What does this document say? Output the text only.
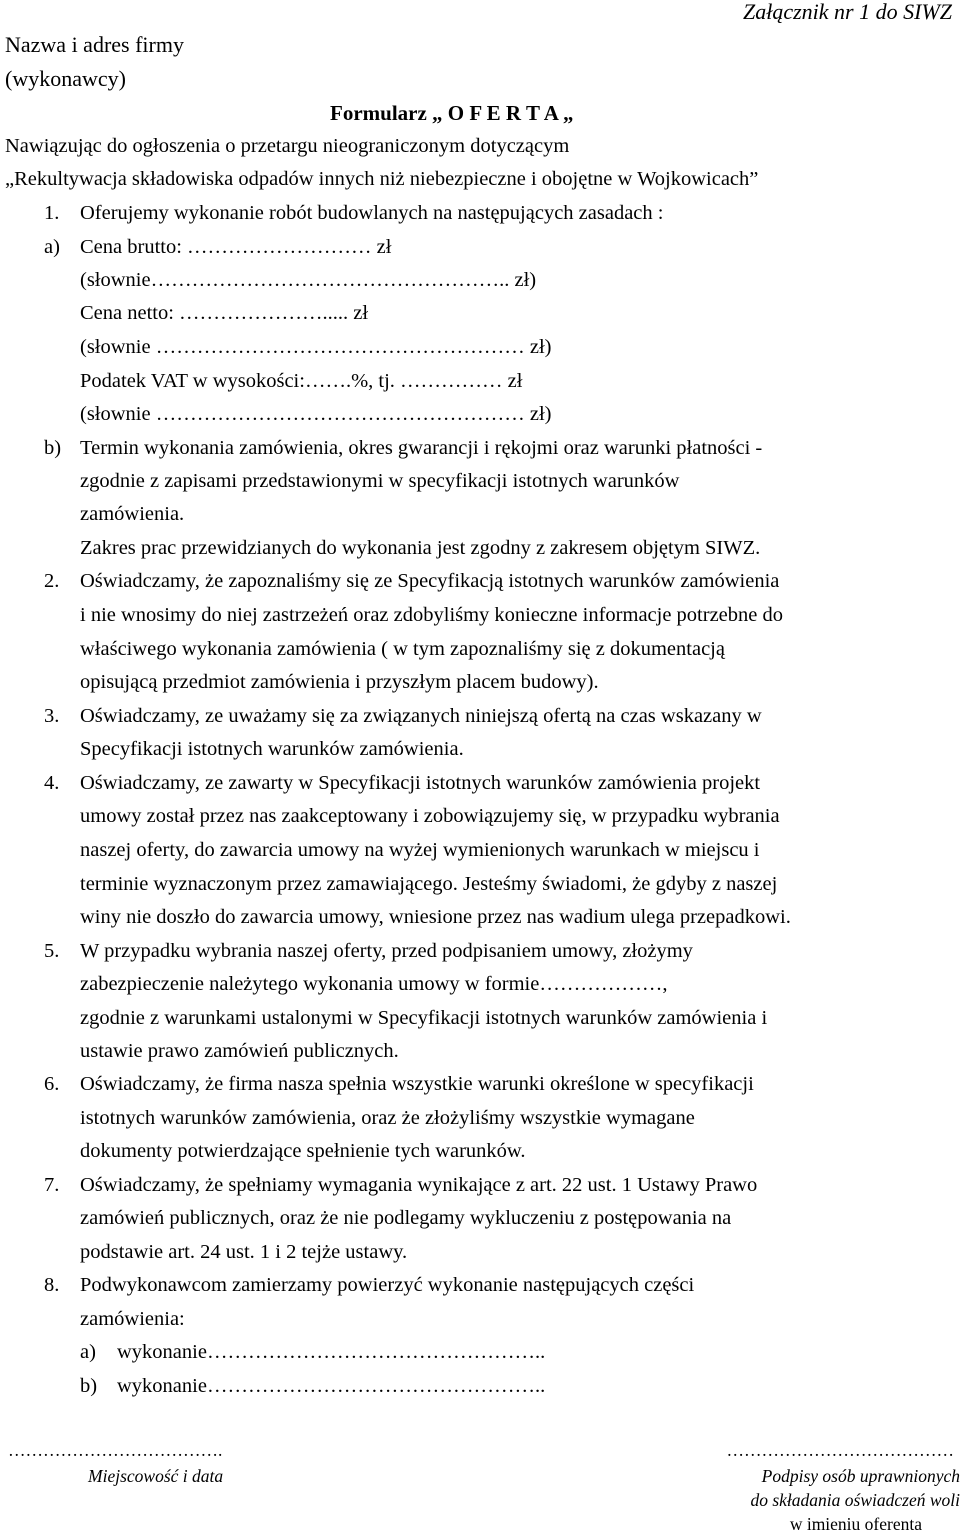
Załącznik nr 1 do SIWZ
Nazwa i adres firmy
(wykonawcy)
Formularz „ O F E R T A „
Nawiązując do ogłoszenia o przetargu nieograniczonym dotyczącym
„Rekultywacja składowiska odpadów innych niż niebezpieczne i obojętne w Wojkowicach”
1. Oferujemy wykonanie robót budowlanych na następujących zasadach :
a) Cena brutto: ……………………… zł
(słownie…………………………………………….. zł)
Cena netto: …………………..... zł
(słownie ……………………………………………… zł)
Podatek VAT w wysokości:…….%, tj. …………… zł
(słownie ……………………………………………… zł)
b) Termin wykonania zamówienia, okres gwarancji i rękojmi oraz warunki płatności -
zgodnie z zapisami przedstawionymi w specyfikacji istotnych warunków
zamówienia.
Zakres prac przewidzianych do wykonania jest zgodny z zakresem objętym SIWZ.
2. Oświadczamy, że zapoznaliśmy się ze Specyfikacją istotnych warunków zamówienia
i nie wnosimy do niej zastrzeżeń oraz zdobyliśmy konieczne informacje potrzebne do
właściwego wykonania zamówienia ( w tym zapoznaliśmy się z dokumentacją
opisującą przedmiot zamówienia i przyszłym placem budowy).
3. Oświadczamy, ze uważamy się za związanych niniejszą ofertą na czas wskazany w
Specyfikacji istotnych warunków zamówienia.
4. Oświadczamy, ze zawarty w Specyfikacji istotnych warunków zamówienia projekt
umowy został przez nas zaakceptowany i zobowiązujemy się, w przypadku wybrania
naszej oferty, do zawarcia umowy na wyżej wymienionych warunkach w miejscu i
terminie wyznaczonym przez zamawiającego. Jesteśmy świadomi, że gdyby z naszej
winy nie doszło do zawarcia umowy, wniesione przez nas wadium ulega przepadkowi.
5. W przypadku wybrania naszej oferty, przed podpisaniem umowy, złożymy
zabezpieczenie należytego wykonania umowy w formie………………,
zgodnie z warunkami ustalonymi w Specyfikacji istotnych warunków zamówienia i
ustawie prawo zamówień publicznych.
6. Oświadczamy, że firma nasza spełnia wszystkie warunki określone w specyfikacji
istotnych warunków zamówienia, oraz że złożyliśmy wszystkie wymagane
dokumenty potwierdzające spełnienie tych warunków.
7. Oświadczamy, że spełniamy wymagania wynikające z art. 22 ust. 1 Ustawy Prawo
zamówień publicznych, oraz że nie podlegamy wykluczeniu z postępowania na
podstawie art. 24 ust. 1 i 2 tejże ustawy.
8. Podwykonawcom zamierzamy powierzyć wykonanie następujących części
zamówienia:
a) wykonanie…………………………………………..
b) wykonanie…………………………………………..
……………………………….
Miejscowość i data
…………………………………
Podpisy osób uprawnionych
do składania oświadczeń woli
w imieniu oferenta
